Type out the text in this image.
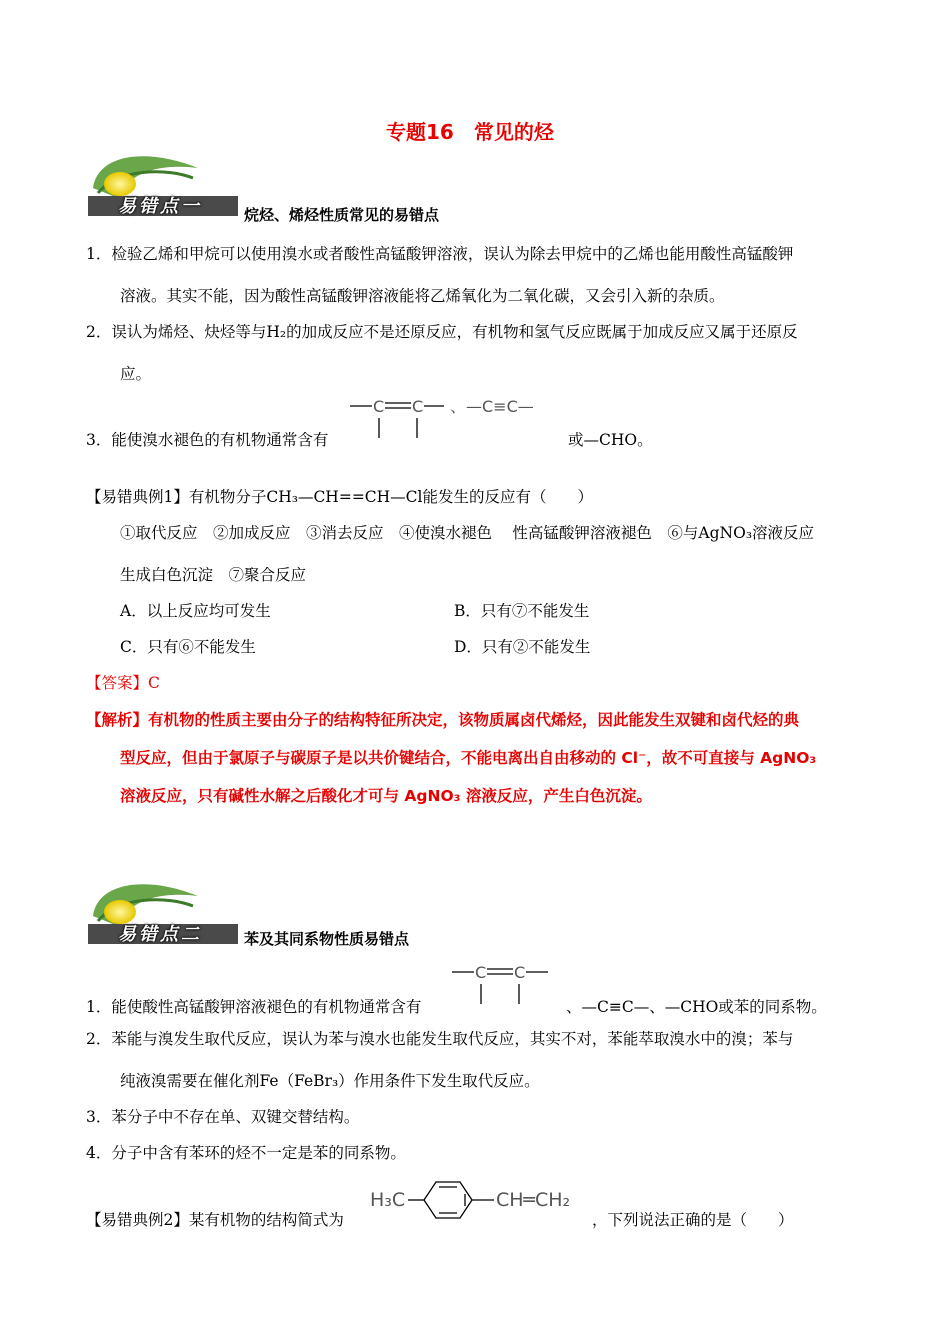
专题16　常见的烃
易错点一	烷烃、烯烃性质常见的易错点
1．检验乙烯和甲烷可以使用溴水或者酸性高锰酸钾溶液，误认为除去甲烷中的乙烯也能用酸性高锰酸钾
溶液。其实不能，因为酸性高锰酸钾溶液能将乙烯氧化为二氧化碳，又会引入新的杂质。
2．误认为烯烃、炔烃等与H₂的加成反应不是还原反应，有机物和氢气反应既属于加成反应又属于还原反
应。
3．能使溴水褪色的有机物通常含有
C C 、 —C≡C—
或—CHO。
【易错典例1】有机物分子CH₃—CH==CH—Cl能发生的反应有（　　）
①取代反应　②加成反应　③消去反应　④使溴水褪色　 性高锰酸钾溶液褪色　⑥与AgNO₃溶液反应
生成白色沉淀　⑦聚合反应
A．以上反应均可发生	B．只有⑦不能发生
C．只有⑥不能发生	D．只有②不能发生
【答案】C
【解析】有机物的性质主要由分子的结构特征所决定，该物质属卤代烯烃，因此能发生双键和卤代烃的典
型反应，但由于氯原子与碳原子是以共价键结合，不能电离出自由移动的 Cl⁻，故不可直接与 AgNO₃
溶液反应，只有碱性水解之后酸化才可与 AgNO₃ 溶液反应，产生白色沉淀。
易错点二	苯及其同系物性质易错点
1．能使酸性高锰酸钾溶液褪色的有机物通常含有
C C
、—C≡C—、—CHO或苯的同系物。
2．苯能与溴发生取代反应，误认为苯与溴水也能发生取代反应，其实不对，苯能萃取溴水中的溴；苯与
纯液溴需要在催化剂Fe（FeBr₃）作用条件下发生取代反应。
3．苯分子中不存在单、双键交替结构。
4．分子中含有苯环的烃不一定是苯的同系物。
【易错典例2】某有机物的结构简式为
H₃C	CH═CH₂
，下列说法正确的是（　　）
